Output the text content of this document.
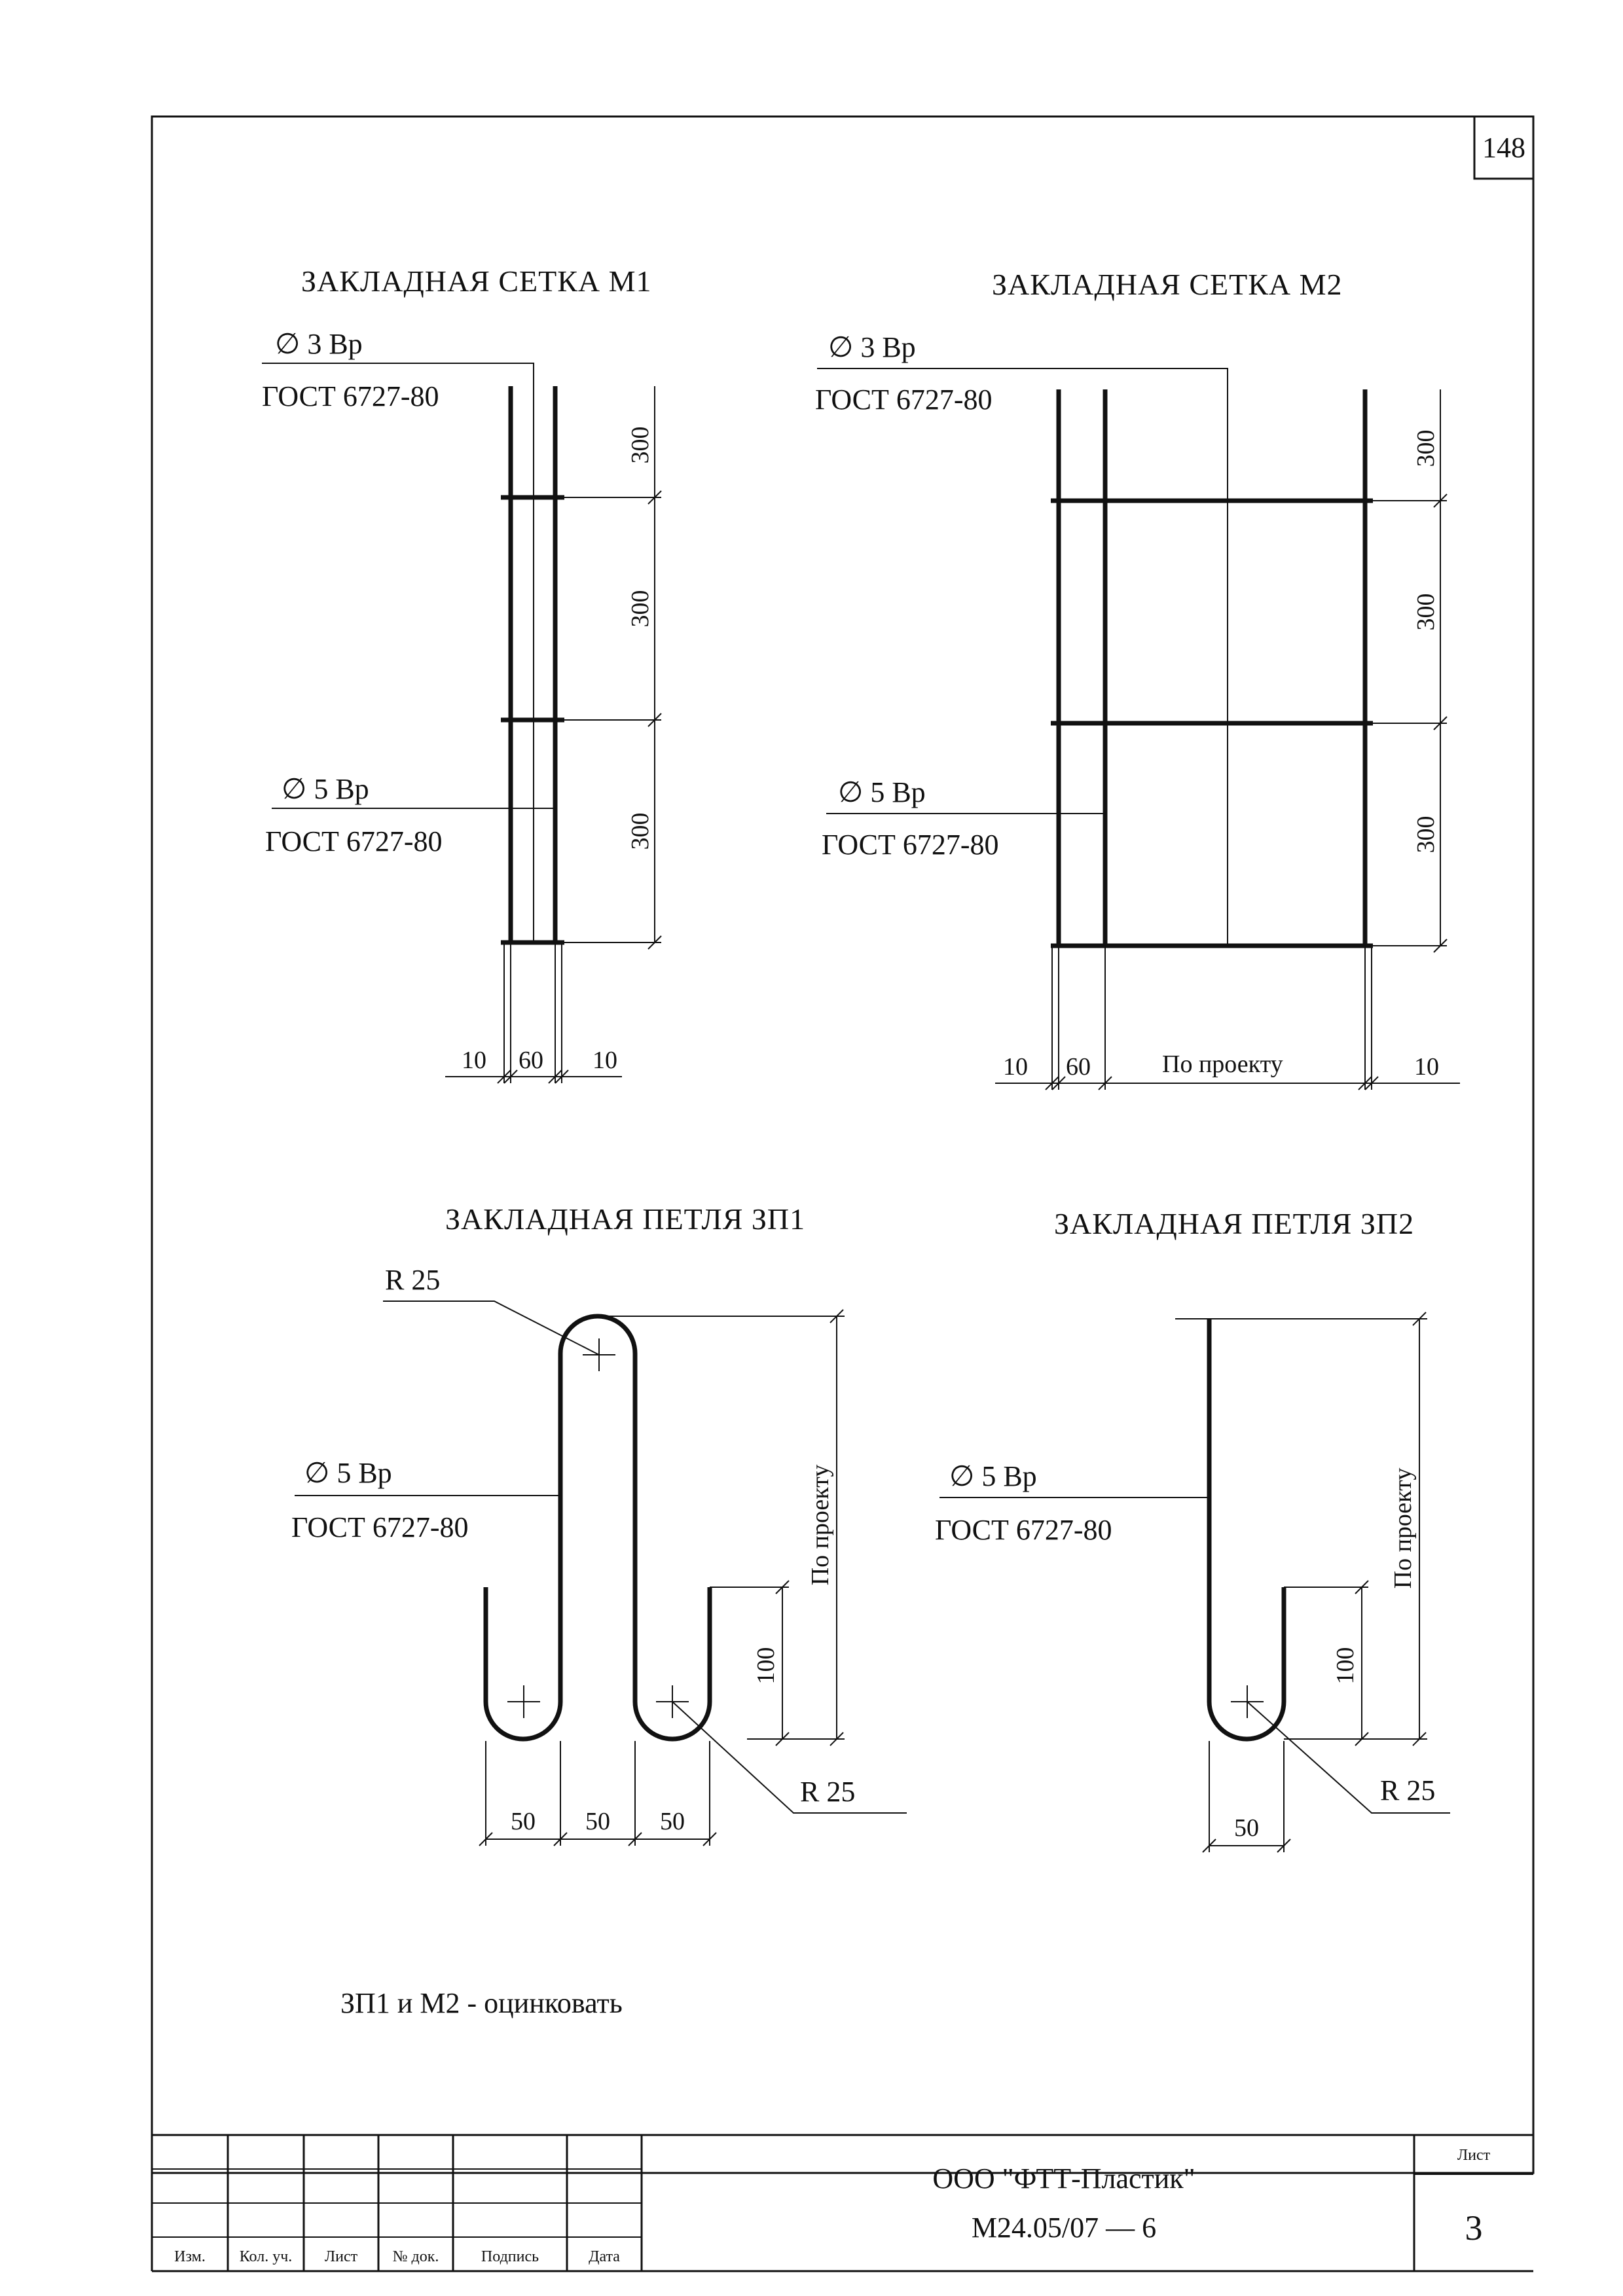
148
ЗАКЛАДНАЯ СЕТКА М1
∅ 3 Вр
ГОСТ 6727-80
∅ 5 Вр
ГОСТ 6727-80
300
300
300
10 60 10
ЗАКЛАДНАЯ СЕТКА М2
∅ 3 Вр
ГОСТ 6727-80
∅ 5 Вр
ГОСТ 6727-80
300
300
300
10 60	По проекту	10
ЗАКЛАДНАЯ ПЕТЛЯ ЗП1
R 25
R 25
∅ 5 Вр
ГОСТ 6727-80	По проекту
100
50 50 50
ЗАКЛАДНАЯ ПЕТЛЯ ЗП2
R 25
∅ 5 Вр
ГОСТ 6727-80	По проекту
100
50
ЗП1 и М2 - оцинковать
Изм. Кол. уч. Лист № док.	Подпись	Дата
ООО "ФТТ-Пластик"
М24.05/07 — 6
Лист
3
